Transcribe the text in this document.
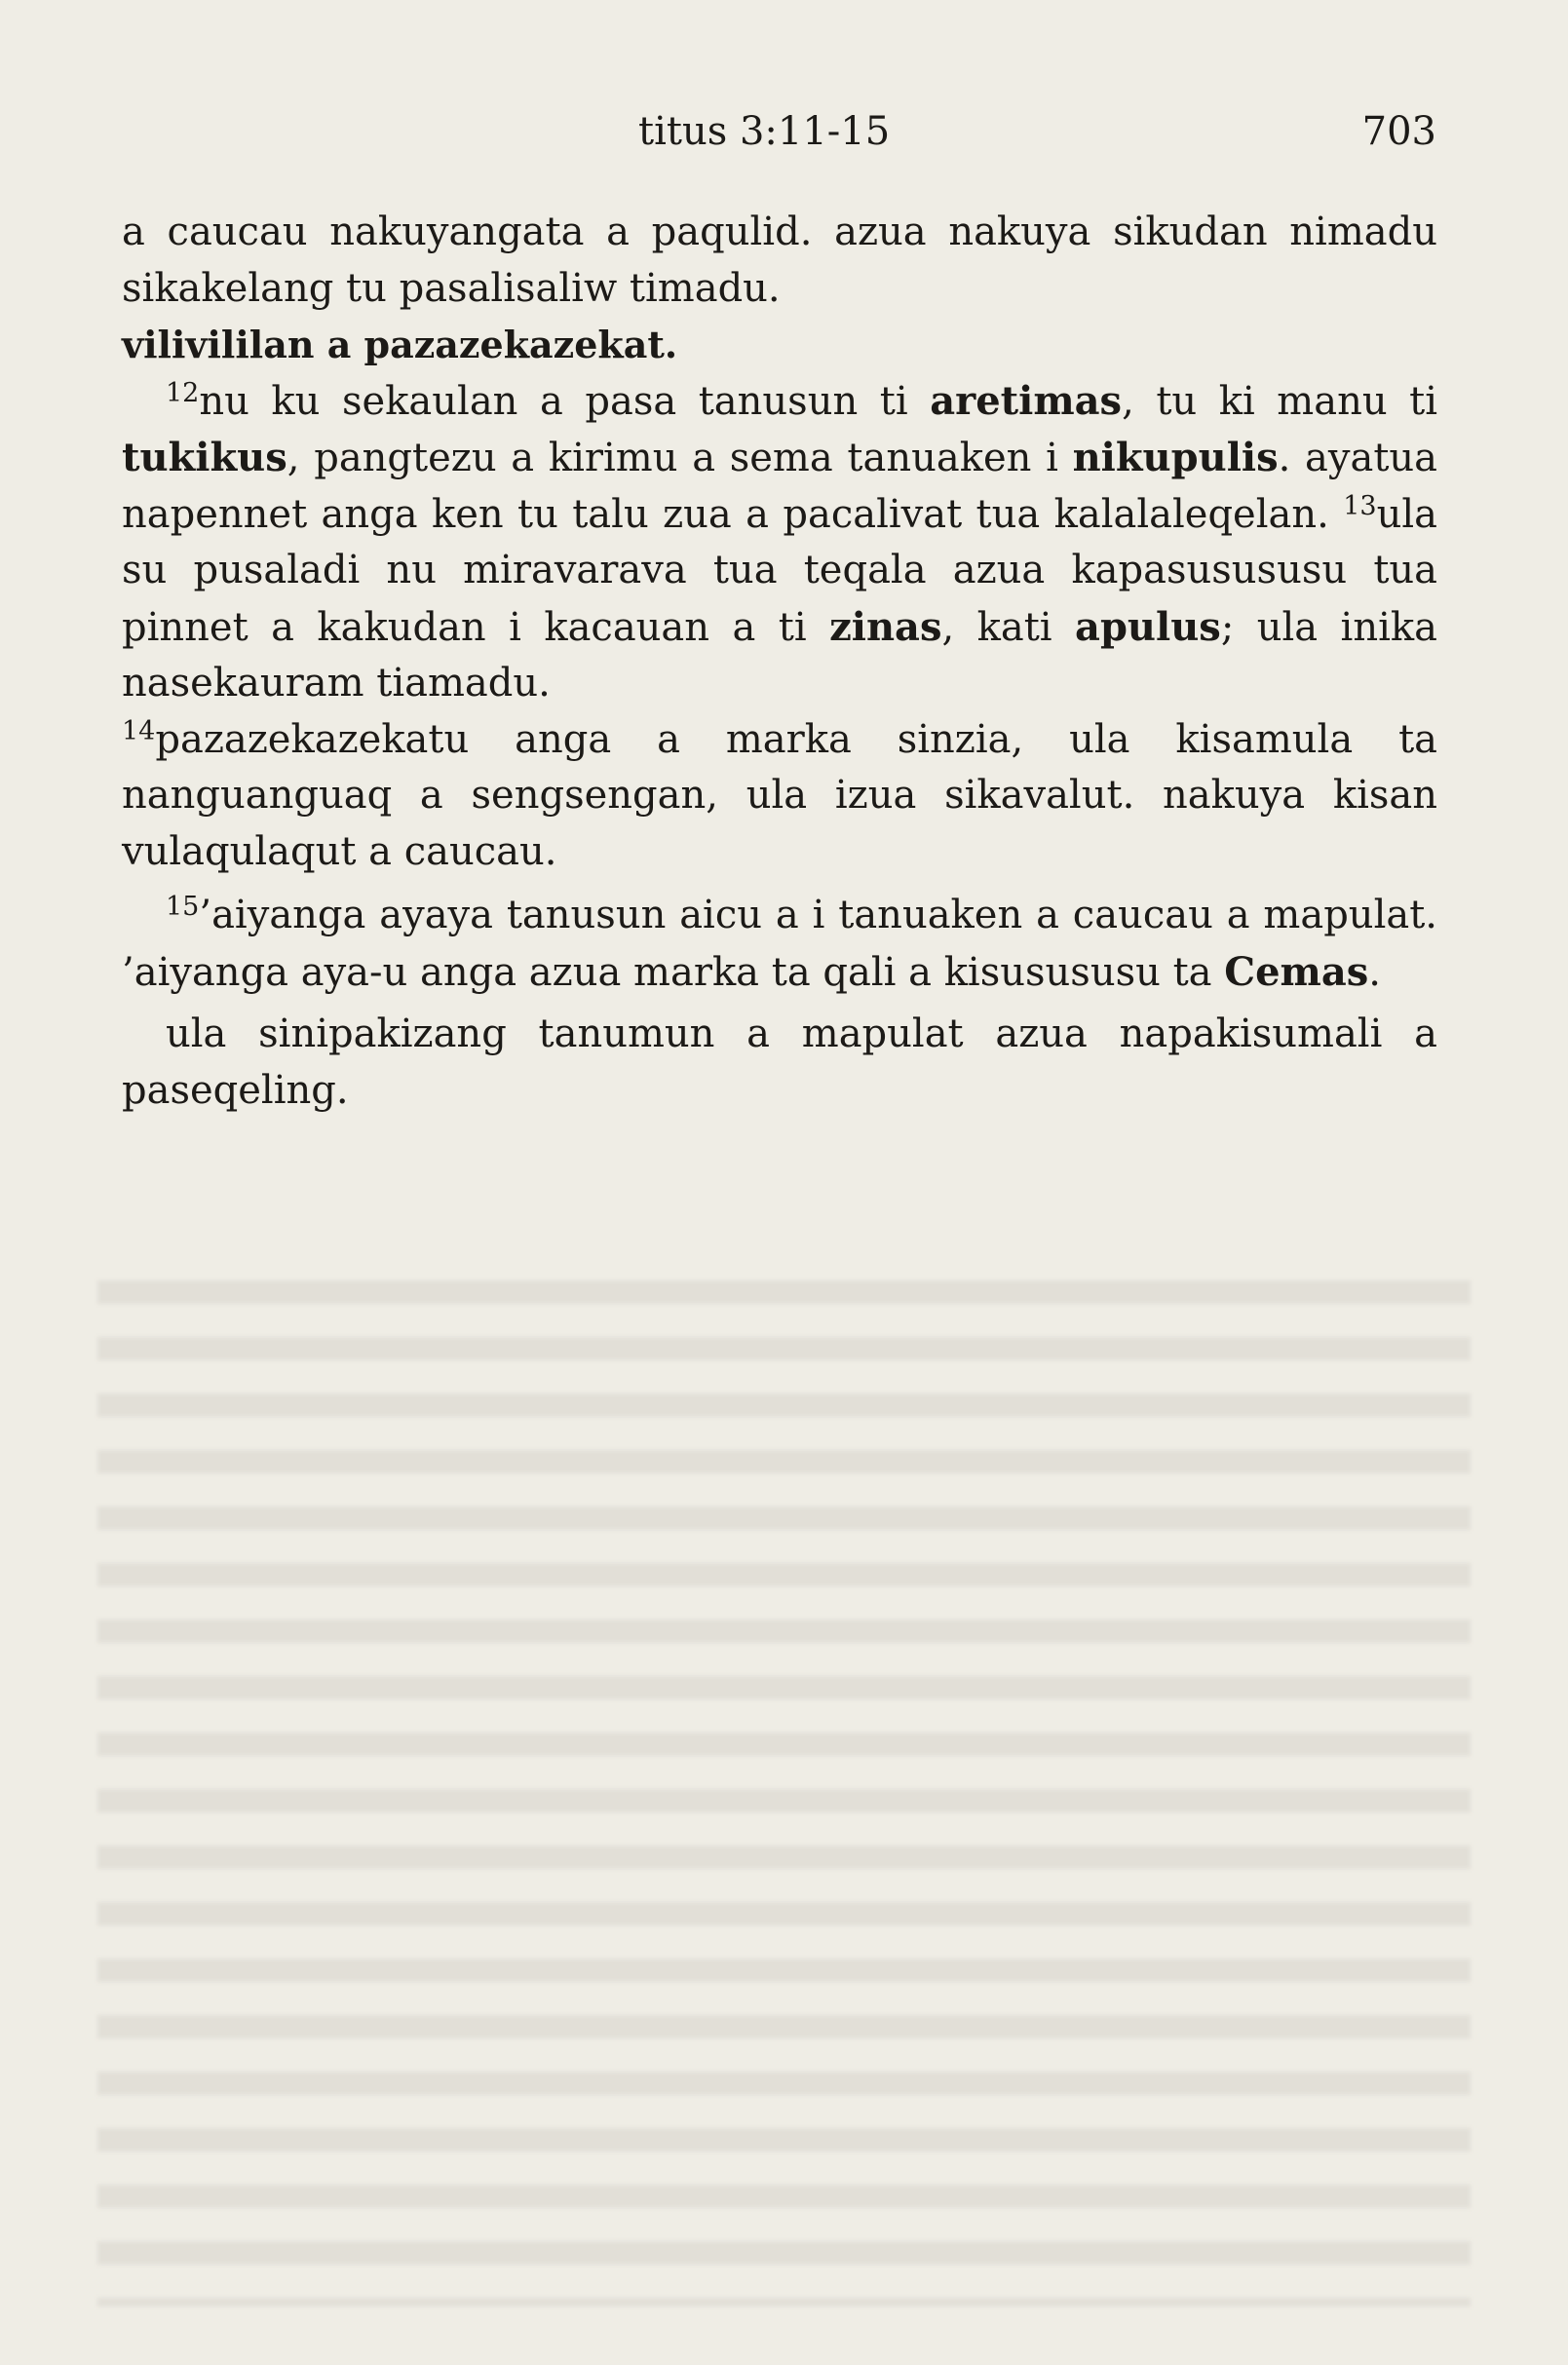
titus 3:11-15	703

a caucau nakuyangata a paqulid. azua nakuya sikudan nimadu sikakelang tu pasalisaliw timadu.

vilivililan a pazazekazekat.

$^{12}$nu ku sekaulan a pasa tanusun ti aretimas, tu ki manu ti tukikus, pangtezu a kirimu a sema tanuaken i nikupulis. ayatua napennet anga ken tu talu zua a pacalivat tua kalalaleqelan. $^{13}$ula su pusaladi nu miravarava tua teqala azua kapasusususu tua pinnet a kakudan i kacauan a ti zinas, kati apulus; ula inika nasekauram tiamadu.

$^{14}$pazazekazekatu anga a marka sinzia, ula kisamula ta nanguanguaq a sengsengan, ula izua sikavalut. nakuya kisan vulaqulaqut a caucau.

$^{15}$’aiyanga ayaya tanusun aicu a i tanuaken a caucau a mapulat. ’aiyanga aya-u anga azua marka ta qali a kisusususu ta Cemas.

ula sinipakizang tanumun a mapulat azua napakisumali a paseqeling.
